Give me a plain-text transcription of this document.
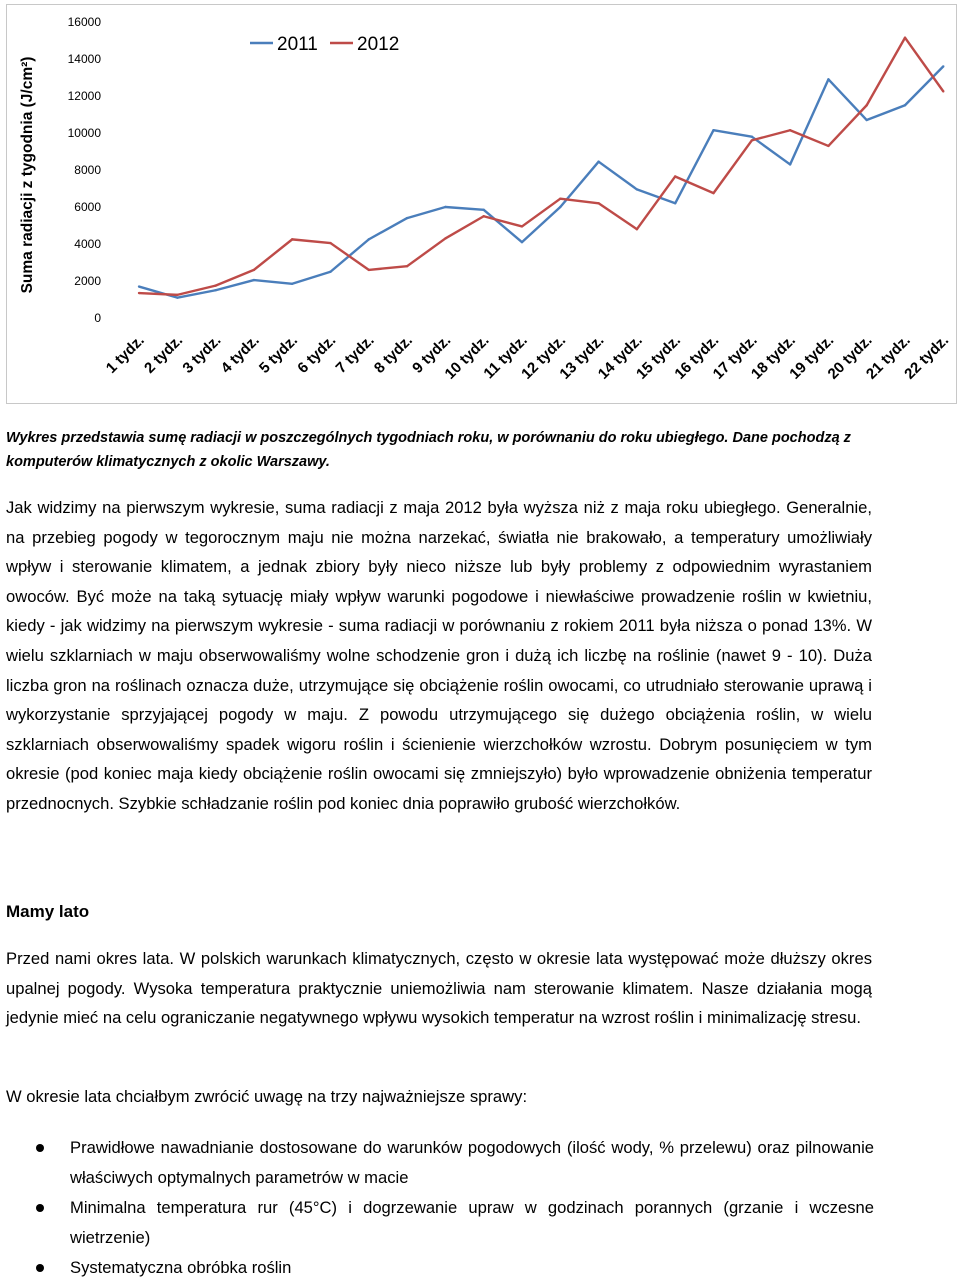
Suma radiacji z tygodnia (J/cm²)
0
2000
4000
6000
8000
10000
12000
14000
16000
1 tydz.
2 tydz.
3 tydz.
4 tydz.
5 tydz.
6 tydz.
7 tydz.
8 tydz.
9 tydz.
10 tydz.
11 tydz.
12 tydz.
13 tydz.
14 tydz.
15 tydz.
16 tydz.
17 tydz.
18 tydz.
19 tydz.
20 tydz.
21 tydz.
22 tydz.
2011 2012
Wykres przedstawia sumę radiacji w poszczególnych tygodniach roku, w porównaniu do roku ubiegłego. Dane pochodzą z komputerów klimatycznych z okolic Warszawy.
Jak widzimy na pierwszym wykresie, suma radiacji z maja 2012 była wyższa niż z maja roku ubiegłego. Generalnie, na przebieg pogody w tegorocznym maju nie można narzekać, światła nie brakowało, a temperatury umożliwiały wpływ i sterowanie klimatem, a jednak zbiory były nieco niższe lub były problemy z odpowiednim wyrastaniem owoców. Być może na taką sytuację miały wpływ warunki pogodowe i niewłaściwe prowadzenie roślin w kwietniu, kiedy - jak widzimy na pierwszym wykresie - suma radiacji w porównaniu z rokiem 2011 była niższa o ponad 13%. W wielu szklarniach w maju obserwowaliśmy wolne schodzenie gron i dużą ich liczbę na roślinie (nawet 9 - 10). Duża liczba gron na roślinach oznacza duże, utrzymujące się obciążenie roślin owocami, co utrudniało sterowanie uprawą i wykorzystanie sprzyjającej pogody w maju. Z powodu utrzymującego się dużego obciążenia roślin, w wielu szklarniach obserwowaliśmy spadek wigoru roślin i ścienienie wierzchołków wzrostu. Dobrym posunięciem w tym okresie (pod koniec maja kiedy obciążenie roślin owocami się zmniejszyło) było wprowadzenie obniżenia temperatur przednocnych. Szybkie schładzanie roślin pod koniec dnia poprawiło grubość wierzchołków.
Mamy lato
Przed nami okres lata. W polskich warunkach klimatycznych, często w okresie lata występować może dłuższy okres upalnej pogody. Wysoka temperatura praktycznie uniemożliwia nam sterowanie klimatem. Nasze działania mogą jedynie mieć na celu ograniczanie negatywnego wpływu wysokich temperatur na wzrost roślin i minimalizację stresu.
W okresie lata chciałbym zwrócić uwagę na trzy najważniejsze sprawy:
Prawidłowe nawadnianie dostosowane do warunków pogodowych (ilość wody, % przelewu) oraz pilnowanie właściwych optymalnych parametrów w macie
Minimalna temperatura rur (45°C) i dogrzewanie upraw w godzinach porannych (grzanie i wczesne wietrzenie)
Systematyczna obróbka roślin
